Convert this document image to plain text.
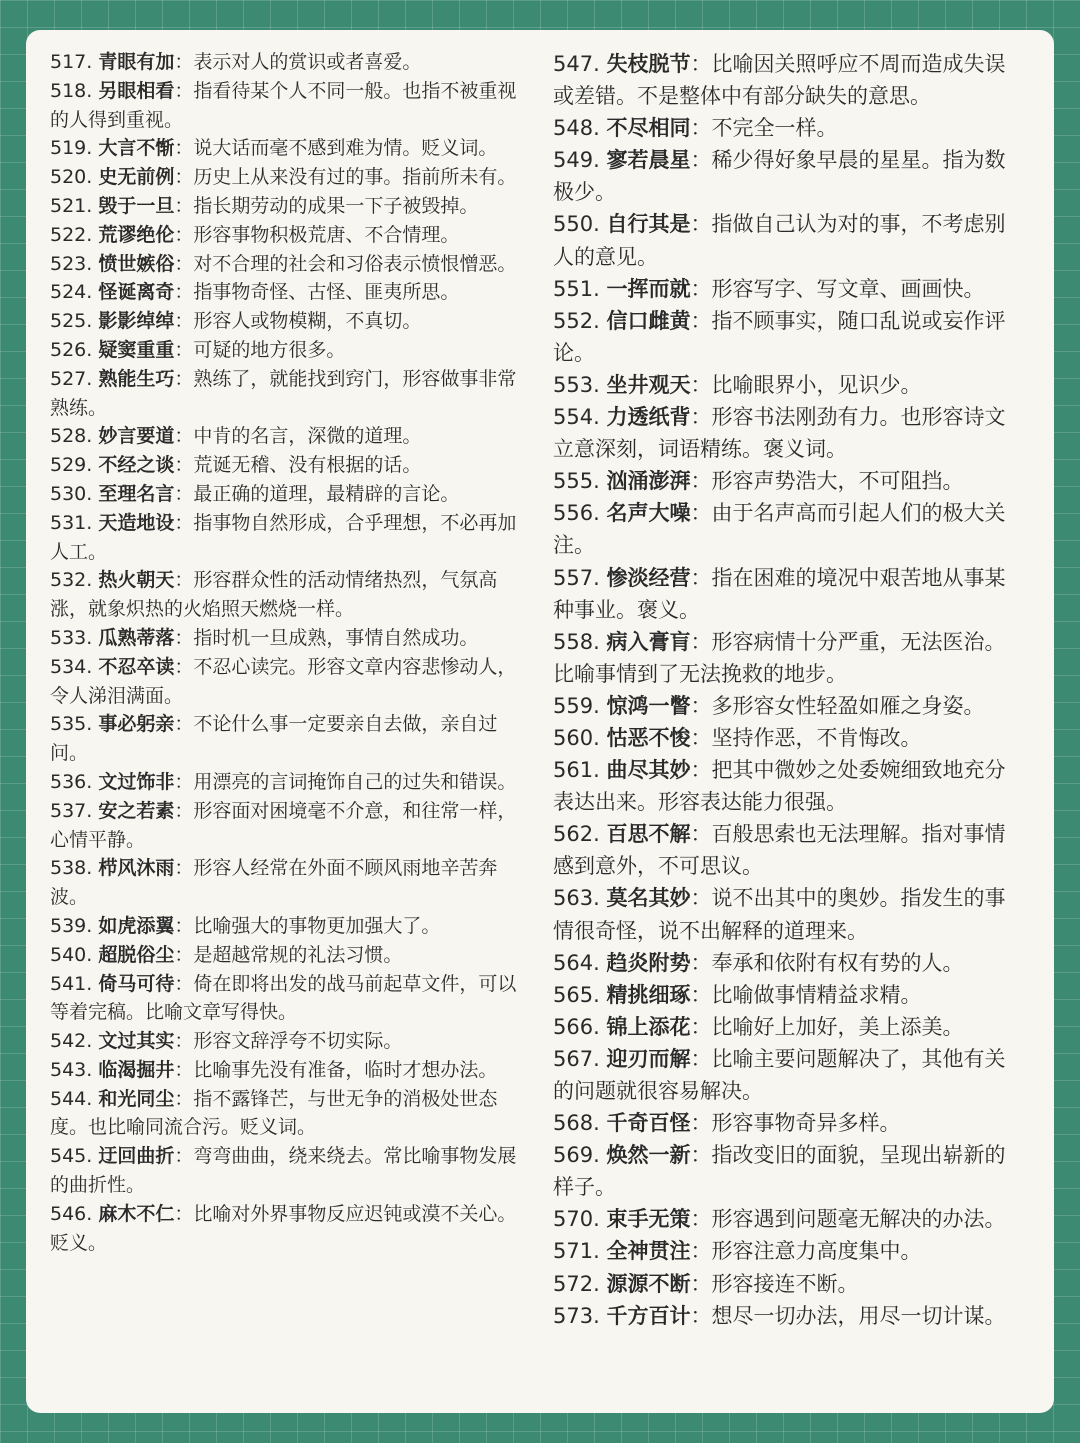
517. 青眼有加：表示对人的赏识或者喜爱。

518. 另眼相看：指看待某个人不同一般。也指不被重视的人得到重视。

519. 大言不惭：说大话而毫不感到难为情。贬义词。

520. 史无前例：历史上从来没有过的事。指前所未有。

521. 毁于一旦：指长期劳动的成果一下子被毁掉。

522. 荒谬绝伦：形容事物积极荒唐、不合情理。

523. 愤世嫉俗：对不合理的社会和习俗表示愤恨憎恶。

524. 怪诞离奇：指事物奇怪、古怪、匪夷所思。

525. 影影绰绰：形容人或物模糊，不真切。

526. 疑窦重重：可疑的地方很多。

527. 熟能生巧：熟练了，就能找到窍门，形容做事非常熟练。

528. 妙言要道：中肯的名言，深微的道理。

529. 不经之谈：荒诞无稽、没有根据的话。

530. 至理名言：最正确的道理，最精辟的言论。

531. 天造地设：指事物自然形成，合乎理想，不必再加人工。

532. 热火朝天：形容群众性的活动情绪热烈，气氛高涨，就象炽热的火焰照天燃烧一样。

533. 瓜熟蒂落：指时机一旦成熟，事情自然成功。

534. 不忍卒读：不忍心读完。形容文章内容悲惨动人，令人涕泪满面。

535. 事必躬亲：不论什么事一定要亲自去做，亲自过问。

536. 文过饰非：用漂亮的言词掩饰自己的过失和错误。

537. 安之若素：形容面对困境毫不介意，和往常一样，心情平静。

538. 栉风沐雨：形容人经常在外面不顾风雨地辛苦奔波。

539. 如虎添翼：比喻强大的事物更加强大了。

540. 超脱俗尘：是超越常规的礼法习惯。

541. 倚马可待：倚在即将出发的战马前起草文件，可以等着完稿。比喻文章写得快。

542. 文过其实：形容文辞浮夸不切实际。

543. 临渴掘井：比喻事先没有准备，临时才想办法。

544. 和光同尘：指不露锋芒，与世无争的消极处世态度。也比喻同流合污。贬义词。

545. 迂回曲折：弯弯曲曲，绕来绕去。常比喻事物发展的曲折性。

546. 麻木不仁：比喻对外界事物反应迟钝或漠不关心。贬义。

547. 失枝脱节：比喻因关照呼应不周而造成失误或差错。不是整体中有部分缺失的意思。

548. 不尽相同：不完全一样。

549. 寥若晨星：稀少得好象早晨的星星。指为数极少。

550. 自行其是：指做自己认为对的事，不考虑别人的意见。

551. 一挥而就：形容写字、写文章、画画快。

552. 信口雌黄：指不顾事实，随口乱说或妄作评论。

553. 坐井观天：比喻眼界小，见识少。

554. 力透纸背：形容书法刚劲有力。也形容诗文立意深刻，词语精练。褒义词。

555. 汹涌澎湃：形容声势浩大，不可阻挡。

556. 名声大噪：由于名声高而引起人们的极大关注。

557. 惨淡经营：指在困难的境况中艰苦地从事某种事业。褒义。

558. 病入膏肓：形容病情十分严重，无法医治。比喻事情到了无法挽救的地步。

559. 惊鸿一瞥：多形容女性轻盈如雁之身姿。

560. 怙恶不悛：坚持作恶，不肯悔改。

561. 曲尽其妙：把其中微妙之处委婉细致地充分表达出来。形容表达能力很强。

562. 百思不解：百般思索也无法理解。指对事情感到意外，不可思议。

563. 莫名其妙：说不出其中的奥妙。指发生的事情很奇怪，说不出解释的道理来。

564. 趋炎附势：奉承和依附有权有势的人。

565. 精挑细琢：比喻做事情精益求精。

566. 锦上添花：比喻好上加好，美上添美。

567. 迎刃而解：比喻主要问题解决了，其他有关的问题就很容易解决。

568. 千奇百怪：形容事物奇异多样。

569. 焕然一新：指改变旧的面貌，呈现出崭新的样子。

570. 束手无策：形容遇到问题毫无解决的办法。

571. 全神贯注：形容注意力高度集中。

572. 源源不断：形容接连不断。

573. 千方百计：想尽一切办法，用尽一切计谋。
